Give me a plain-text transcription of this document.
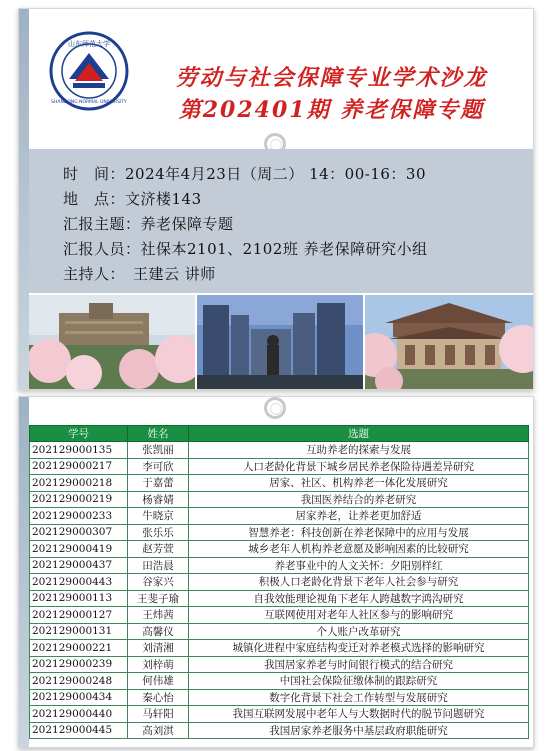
山东师范大学
SHANDONG NORMAL UNIVERSITY
劳动与社会保障专业学术沙龙
第202401期 养老保障专题
时　间：2024年4月23日（周二） 14：00-16：30
地　点：文济楼143
汇报主题：养老保障专题
汇报人员：社保本2101、2102班 养老保障研究小组
主持人：　王建云 讲师
学号	姓名	选题
202129000135	张凯丽	互助养老的探索与发展
202129000217	李可欣	人口老龄化背景下城乡居民养老保险待遇差异研究
202129000218	于嘉蕾	居家、社区、机构养老一体化发展研究
202129000219	杨睿婧	我国医养结合的养老研究
202129000233	牛晓京	居家养老，让养老更加舒适
202129000307	张乐乐	智慧养老：科技创新在养老保障中的应用与发展
202129000419	赵芳萱	城乡老年人机构养老意愿及影响因素的比较研究
202129000437	田浩晨	养老事业中的人文关怀：夕阳别样红
202129000443	谷家兴	积极人口老龄化背景下老年人社会参与研究
202129000113	王斐子瑜	自我效能理论视角下老年人跨越数字鸿沟研究
202129000127	王炜茜	互联网使用对老年人社区参与的影响研究
202129000131	高馨仪	个人账户改革研究
202129000221	刘清湘	城镇化进程中家庭结构变迁对养老模式选择的影响研究
202129000239	刘梓萌	我国居家养老与时间银行模式的结合研究
202129000248	何伟雄	中国社会保险征缴体制的跟踪研究
202129000434	秦心怡	数字化背景下社会工作转型与发展研究
202129000440	马轩阳	我国互联网发展中老年人与大数据时代的脱节问题研究
202129000445	高刘淇	我国居家养老服务中基层政府职能研究
